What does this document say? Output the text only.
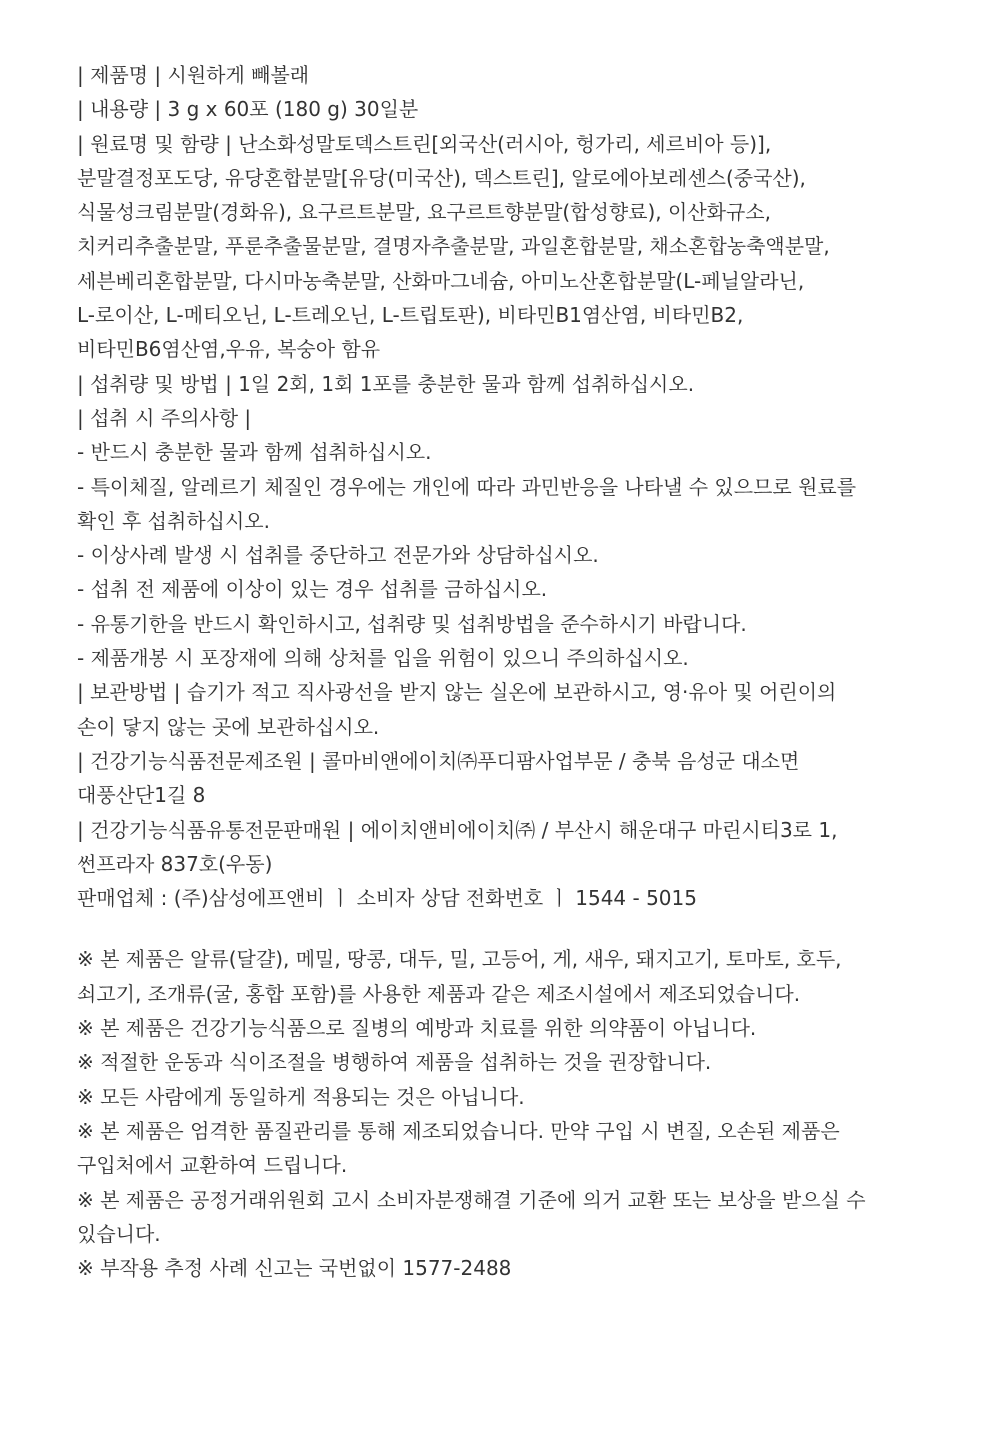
| 제품명 | 시원하게 빼볼래
| 내용량 | 3 g x 60포 (180 g) 30일분
| 원료명 및 함량 | 난소화성말토덱스트린[외국산(러시아, 헝가리, 세르비아 등)],
분말결정포도당, 유당혼합분말[유당(미국산), 덱스트린], 알로에아보레센스(중국산),
식물성크림분말(경화유), 요구르트분말, 요구르트향분말(합성향료), 이산화규소,
치커리추출분말, 푸룬추출물분말, 결명자추출분말, 과일혼합분말, 채소혼합농축액분말,
세븐베리혼합분말, 다시마농축분말, 산화마그네슘, 아미노산혼합분말(L-페닐알라닌,
L-로이산, L-메티오닌, L-트레오닌, L-트립토판), 비타민B1염산염, 비타민B2,
비타민B6염산염,우유, 복숭아 함유
| 섭취량 및 방법 | 1일 2회, 1회 1포를 충분한 물과 함께 섭취하십시오.
| 섭취 시 주의사항 |
- 반드시 충분한 물과 함께 섭취하십시오.
- 특이체질, 알레르기 체질인 경우에는 개인에 따라 과민반응을 나타낼 수 있으므로 원료를
확인 후 섭취하십시오.
- 이상사례 발생 시 섭취를 중단하고 전문가와 상담하십시오.
- 섭취 전 제품에 이상이 있는 경우 섭취를 금하십시오.
- 유통기한을 반드시 확인하시고, 섭취량 및 섭취방법을 준수하시기 바랍니다.
- 제품개봉 시 포장재에 의해 상처를 입을 위험이 있으니 주의하십시오.
| 보관방법 | 습기가 적고 직사광선을 받지 않는 실온에 보관하시고, 영·유아 및 어린이의
손이 닿지 않는 곳에 보관하십시오.
| 건강기능식품전문제조원 | 콜마비앤에이치㈜푸디팜사업부문 / 충북 음성군 대소면
대풍산단1길 8
| 건강기능식품유통전문판매원 | 에이치앤비에이치㈜ / 부산시 해운대구 마린시티3로 1,
썬프라자 837호(우동)
판매업체 : (주)삼성에프앤비 ㅣ 소비자 상담 전화번호 ㅣ 1544 - 5015
※ 본 제품은 알류(달걀), 메밀, 땅콩, 대두, 밀, 고등어, 게, 새우, 돼지고기, 토마토, 호두,
쇠고기, 조개류(굴, 홍합 포함)를 사용한 제품과 같은 제조시설에서 제조되었습니다.
※ 본 제품은 건강기능식품으로 질병의 예방과 치료를 위한 의약품이 아닙니다.
※ 적절한 운동과 식이조절을 병행하여 제품을 섭취하는 것을 권장합니다.
※ 모든 사람에게 동일하게 적용되는 것은 아닙니다.
※ 본 제품은 엄격한 품질관리를 통해 제조되었습니다. 만약 구입 시 변질, 오손된 제품은
구입처에서 교환하여 드립니다.
※ 본 제품은 공정거래위원회 고시 소비자분쟁해결 기준에 의거 교환 또는 보상을 받으실 수
있습니다.
※ 부작용 추정 사례 신고는 국번없이 1577-2488
